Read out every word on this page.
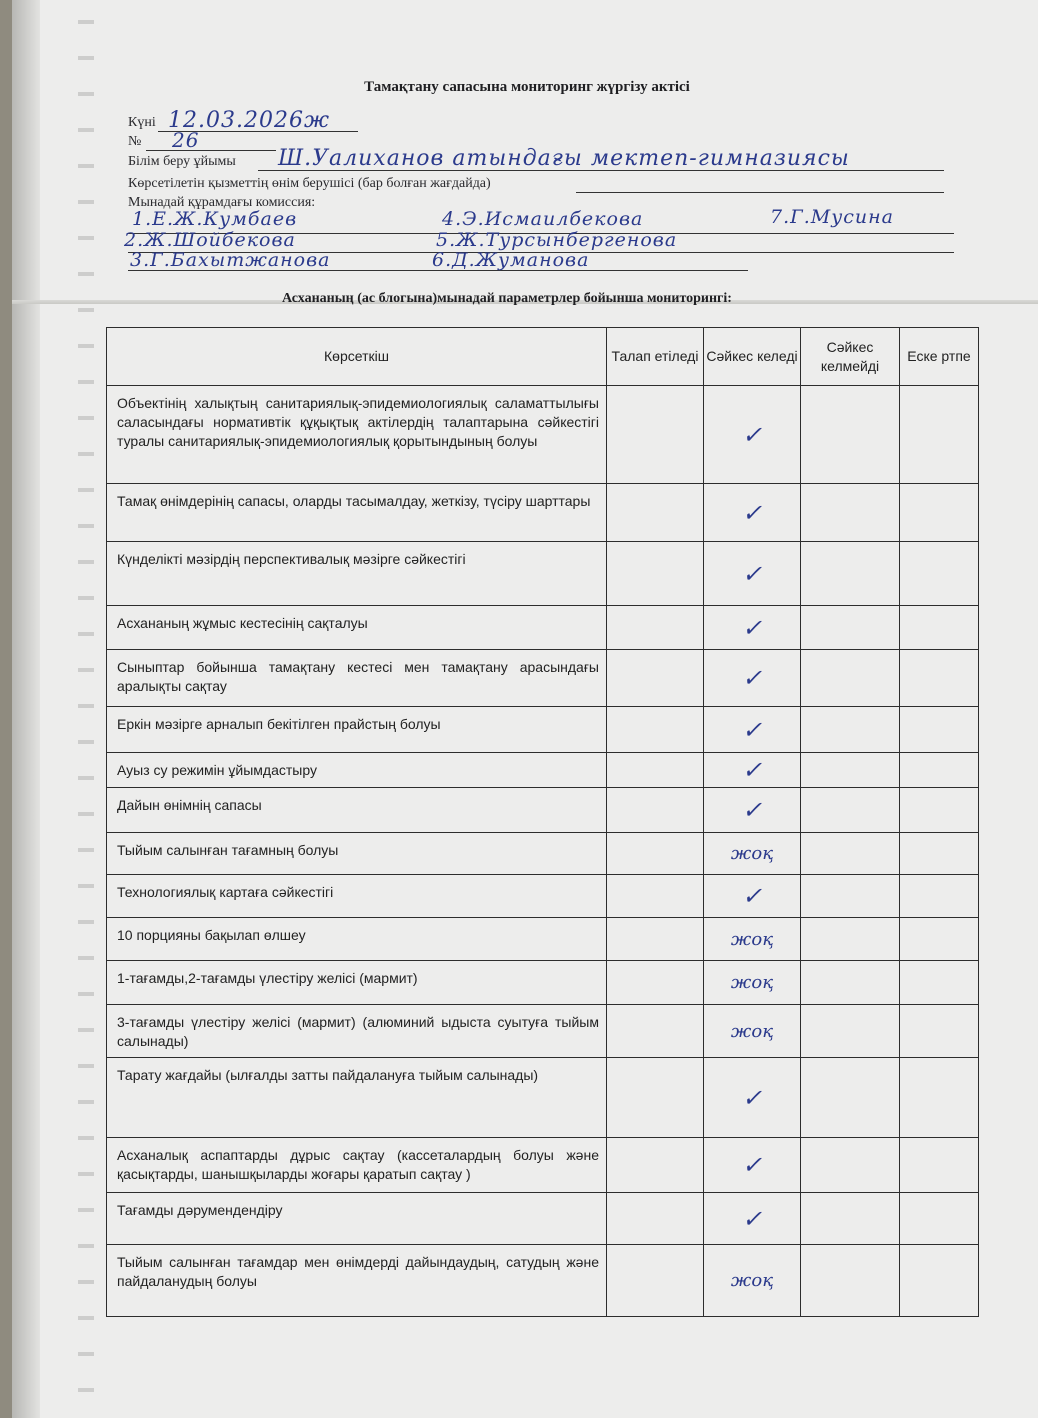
Тамақтану сапасына мониторинг жүргізу актісі
Күні 12.03.2026ж
№ 26
Білім беру ұйымы Ш.Уалиханов атындағы мектеп-гимназиясы
Көрсетілетін қызметтің өнім берушісі (бар болған жағдайда)
Мынадай құрамдағы комиссия:
1.Е.Ж.Кумбаев	4.Э.Исмаилбекова	7.Г.Мусина
2.Ж.Шойбекова	5.Ж.Турсынбергенова
3.Г.Бахытжанова	6.Д.Жуманова
Асхананың (ас блогына)мынадай параметрлер бойынша мониторингі:
Көрсеткіш	Талап етіледі	Сәйкес келеді	Сәйкес келмейді	Еске ртпе
Объектінің халықтың санитариялық-эпидемиологиялық саламаттылығы саласындағы нормативтік құқықтық актілердің талаптарына сәйкестігі туралы санитариялық-эпидемиологиялық қорытындының болуы		✓		
Тамақ өнімдерінің сапасы, оларды тасымалдау, жеткізу, түсіру шарттары		✓		
Күнделікті мәзірдің перспективалық мәзірге сәйкестігі		✓		
Асхананың жұмыс кестесінің сақталуы		✓		
Сыныптар бойынша тамақтану кестесі мен тамақтану арасындағы аралықты сақтау		✓		
Еркін мәзірге арналып бекітілген прайстың болуы		✓		
Ауыз су режимін ұйымдастыру		✓		
Дайын өнімнің сапасы		✓		
Тыйым салынған тағамның болуы		жоқ		
Технологиялық картаға сәйкестігі		✓		
10 порцияны бақылап өлшеу		жоқ		
1-тағамды,2-тағамды үлестіру желісі (мармит)		жоқ		
3-тағамды үлестіру желісі (мармит) (алюминий ыдыста суытуға тыйым салынады)		жоқ		
Тарату жағдайы (ылғалды затты пайдалануға тыйым салынады)		✓		
Асханалық аспаптарды дұрыс сақтау (кассеталардың болуы және қасықтарды, шанышқыларды жоғары қаратып сақтау )		✓		
Тағамды дәрумендендіру		✓		
Тыйым салынған тағамдар мен өнімдерді дайындаудың, сатудың және пайдаланудың болуы		жоқ		
